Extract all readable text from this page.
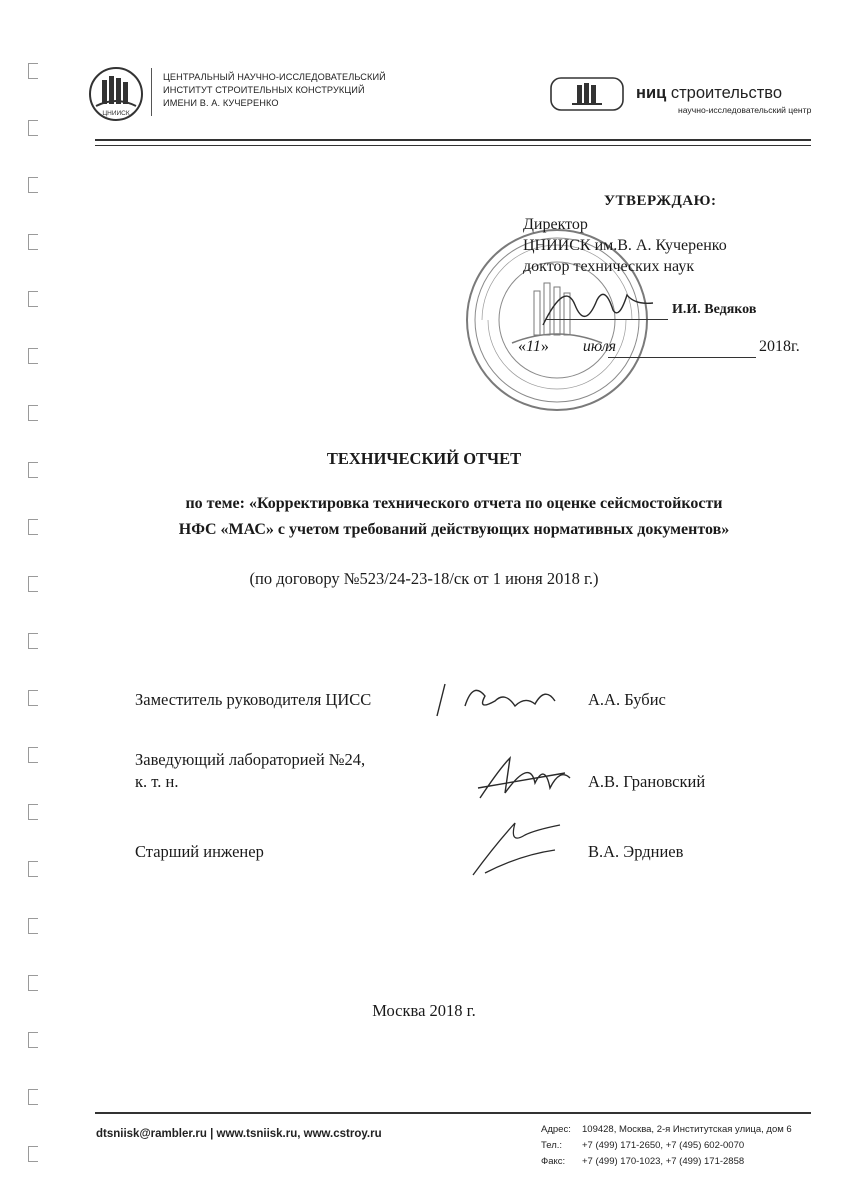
ЦНИИСК
ЦЕНТРАЛЬНЫЙ НАУЧНО-ИССЛЕДОВАТЕЛЬСКИЙ
ИНСТИТУТ СТРОИТЕЛЬНЫХ КОНСТРУКЦИЙ
ИМЕНИ В. А. КУЧЕРЕНКО
ниц строительство
научно-исследовательский центр
УТВЕРЖДАЮ:
Директор
ЦНИИСК им.В. А. Кучеренко
доктор технических наук
И.И. Ведяков
«11» июля	2018г.
ТЕХНИЧЕСКИЙ ОТЧЕТ
по теме: «Корректировка технического отчета по оценке сейсмостойкости
НФС «МАС» с учетом требований действующих нормативных документов»
(по договору №523/24-23-18/ск от 1 июня 2018 г.)
Заместитель руководителя ЦИСС	А.А. Бубис
Заведующий лабораторией №24,
к. т. н.	А.В. Грановский
Старший инженер	В.А. Эрдниев
Москва 2018 г.
dtsniisk@rambler.ru | www.tsniisk.ru, www.cstroy.ru	Адрес: 109428, Москва, 2-я Институтская улица, дом 6
Тел.: +7 (499) 171-2650, +7 (495) 602-0070
Факс: +7 (499) 170-1023, +7 (499) 171-2858
